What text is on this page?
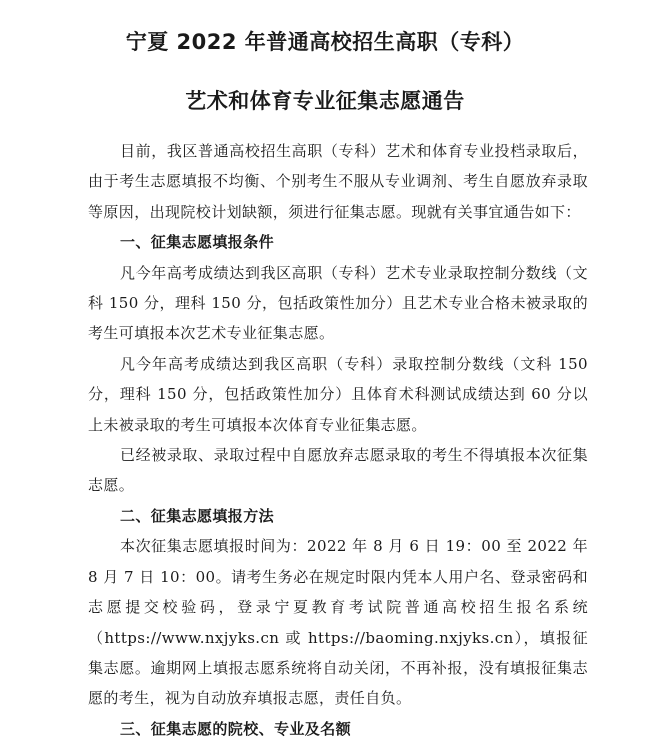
宁夏 2022 年普通高校招生高职（专科）
艺术和体育专业征集志愿通告

目前，我区普通高校招生高职（专科）艺术和体育专业投档录取后，由于考生志愿填报不均衡、个别考生不服从专业调剂、考生自愿放弃录取等原因，出现院校计划缺额，须进行征集志愿。现就有关事宜通告如下：

一、征集志愿填报条件

凡今年高考成绩达到我区高职（专科）艺术专业录取控制分数线（文科 150 分，理科 150 分，包括政策性加分）且艺术专业合格未被录取的考生可填报本次艺术专业征集志愿。

凡今年高考成绩达到我区高职（专科）录取控制分数线（文科 150 分，理科 150 分，包括政策性加分）且体育术科测试成绩达到 60 分以上未被录取的考生可填报本次体育专业征集志愿。

已经被录取、录取过程中自愿放弃志愿录取的考生不得填报本次征集志愿。

二、征集志愿填报方法

本次征集志愿填报时间为：2022 年 8 月 6 日 19：00 至 2022 年 8 月 7 日 10：00。请考生务必在规定时限内凭本人用户名、登录密码和志愿提交校验码，登录宁夏教育考试院普通高校招生报名系统（https://www.nxjyks.cn 或 https://baoming.nxjyks.cn），填报征集志愿。逾期网上填报志愿系统将自动关闭，不再补报，没有填报征集志愿的考生，视为自动放弃填报志愿，责任自负。

三、征集志愿的院校、专业及名额
